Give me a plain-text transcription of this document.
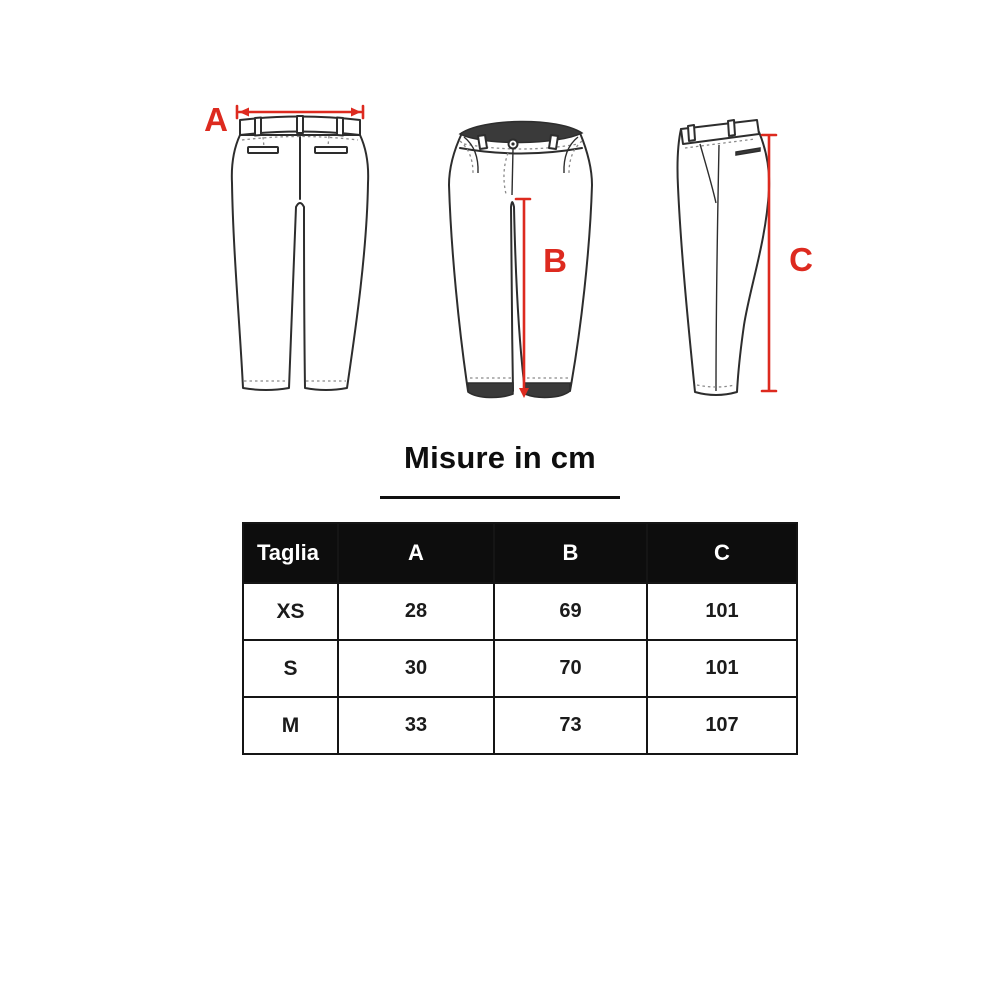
A
B	C
Misure in cm
Taglia	A	B	C
XS	28	69	101
S	30	70	101
M	33	73	107
